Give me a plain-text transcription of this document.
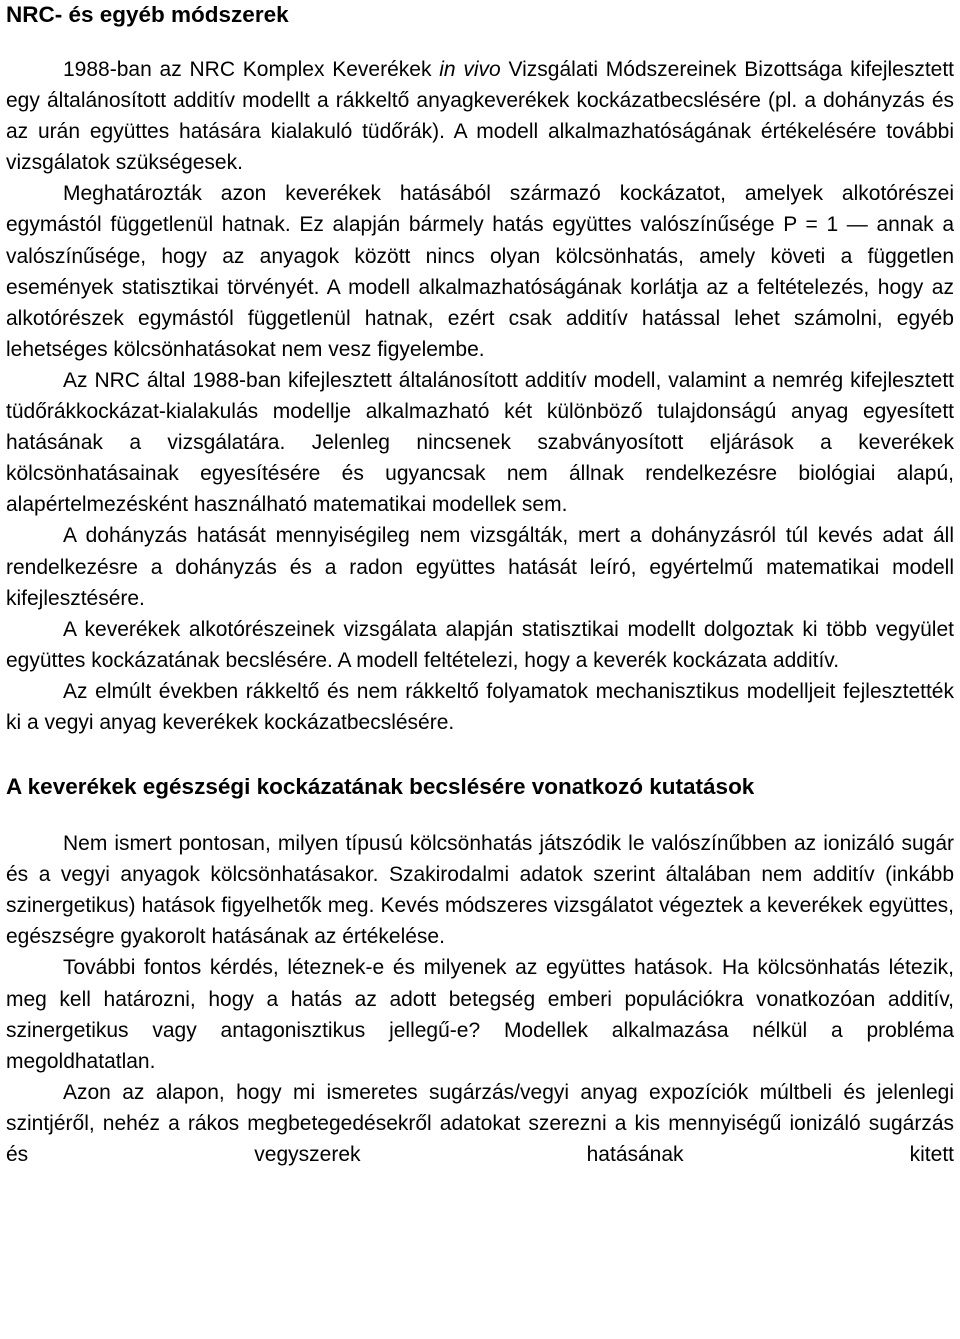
NRC- és egyéb módszerek

1988-ban az NRC Komplex Keverékek in vivo Vizsgálati Módszereinek Bizottsága kifejlesztett egy általánosított additív modellt a rákkeltő anyagkeverékek kockázatbecslésére (pl. a dohányzás és az urán együttes hatására kialakuló tüdőrák). A modell alkalmazhatóságának értékelésére további vizsgálatok szükségesek.

Meghatározták azon keverékek hatásából származó kockázatot, amelyek alkotórészei egymástól függetlenül hatnak. Ez alapján bármely hatás együttes valószínűsége P = 1 ― annak a valószínűsége, hogy az anyagok között nincs olyan kölcsönhatás, amely követi a független események statisztikai törvényét. A modell alkalmazhatóságának korlátja az a feltételezés, hogy az alkotórészek egymástól függetlenül hatnak, ezért csak additív hatással lehet számolni, egyéb lehetséges kölcsönhatásokat nem vesz figyelembe.

Az NRC által 1988-ban kifejlesztett általánosított additív modell, valamint a nemrég kifejlesztett tüdőrákkockázat-kialakulás modellje alkalmazható két különböző tulajdonságú anyag egyesített hatásának a vizsgálatára. Jelenleg nincsenek szabványosított eljárások a keverékek kölcsönhatásainak egyesítésére és ugyancsak nem állnak rendelkezésre biológiai alapú, alapértelmezésként használható matematikai modellek sem.

A dohányzás hatását mennyiségileg nem vizsgálták, mert a dohányzásról túl kevés adat áll rendelkezésre a dohányzás és a radon együttes hatását leíró, egyértelmű matematikai modell kifejlesztésére.

A keverékek alkotórészeinek vizsgálata alapján statisztikai modellt dolgoztak ki több vegyület együttes kockázatának becslésére. A modell feltételezi, hogy a keverék kockázata additív.

Az elmúlt években rákkeltő és nem rákkeltő folyamatok mechanisztikus modelljeit fejlesztették ki a vegyi anyag keverékek kockázatbecslésére.

A keverékek egészségi kockázatának becslésére vonatkozó kutatások

Nem ismert pontosan, milyen típusú kölcsönhatás játszódik le valószínűbben az ionizáló sugár és a vegyi anyagok kölcsönhatásakor. Szakirodalmi adatok szerint általában nem additív (inkább szinergetikus) hatások figyelhetők meg. Kevés módszeres vizsgálatot végeztek a keverékek együttes, egészségre gyakorolt hatásának az értékelése.

További fontos kérdés, léteznek-e és milyenek az együttes hatások. Ha kölcsönhatás létezik, meg kell határozni, hogy a hatás az adott betegség emberi populációkra vonatkozóan additív, szinergetikus vagy antagonisztikus jellegű-e? Modellek alkalmazása nélkül a probléma megoldhatatlan.

Azon az alapon, hogy mi ismeretes sugárzás/vegyi anyag expozíciók múltbeli és jelenlegi szintjéről, nehéz a rákos megbetegedésekről adatokat szerezni a kis mennyiségű ionizáló sugárzás és vegyszerek hatásának kitett
